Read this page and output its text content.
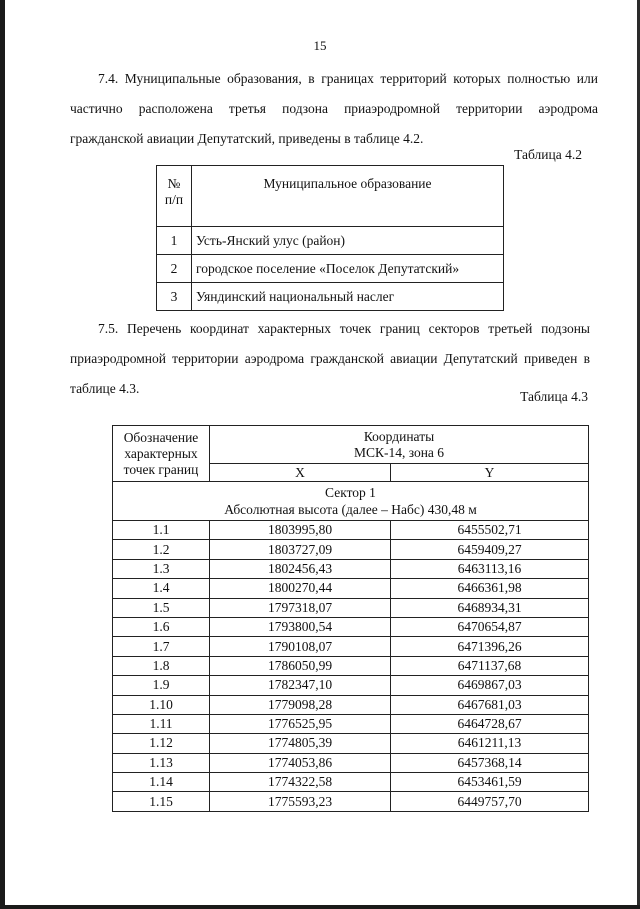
15

7.4. Муниципальные образования, в границах территорий которых полностью или частично расположена третья подзона приаэродромной территории аэродрома гражданской авиации Депутатский, приведены в таблице 4.2.

Таблица 4.2
№ п/п	Муниципальное образование
1	Усть-Янский улус (район)
2	городское поселение «Поселок Депутатский»
3	Уяндинский национальный наслег

7.5. Перечень координат характерных точек границ секторов третьей подзоны приаэродромной территории аэродрома гражданской авиации Депутатский приведен в таблице 4.3.

Таблица 4.3
Обозначение характерных точек границ	Координаты
МСК-14, зона 6	

	X	Y

Сектор 1
Абсолютная высота (далее – Набс) 430,48 м		

1.1	1803995,80	6455502,71
1.2	1803727,09	6459409,27
1.3	1802456,43	6463113,16
1.4	1800270,44	6466361,98
1.5	1797318,07	6468934,31
1.6	1793800,54	6470654,87
1.7	1790108,07	6471396,26
1.8	1786050,99	6471137,68
1.9	1782347,10	6469867,03
1.10	1779098,28	6467681,03
1.11	1776525,95	6464728,67
1.12	1774805,39	6461211,13
1.13	1774053,86	6457368,14
1.14	1774322,58	6453461,59
1.15	1775593,23	6449757,70
